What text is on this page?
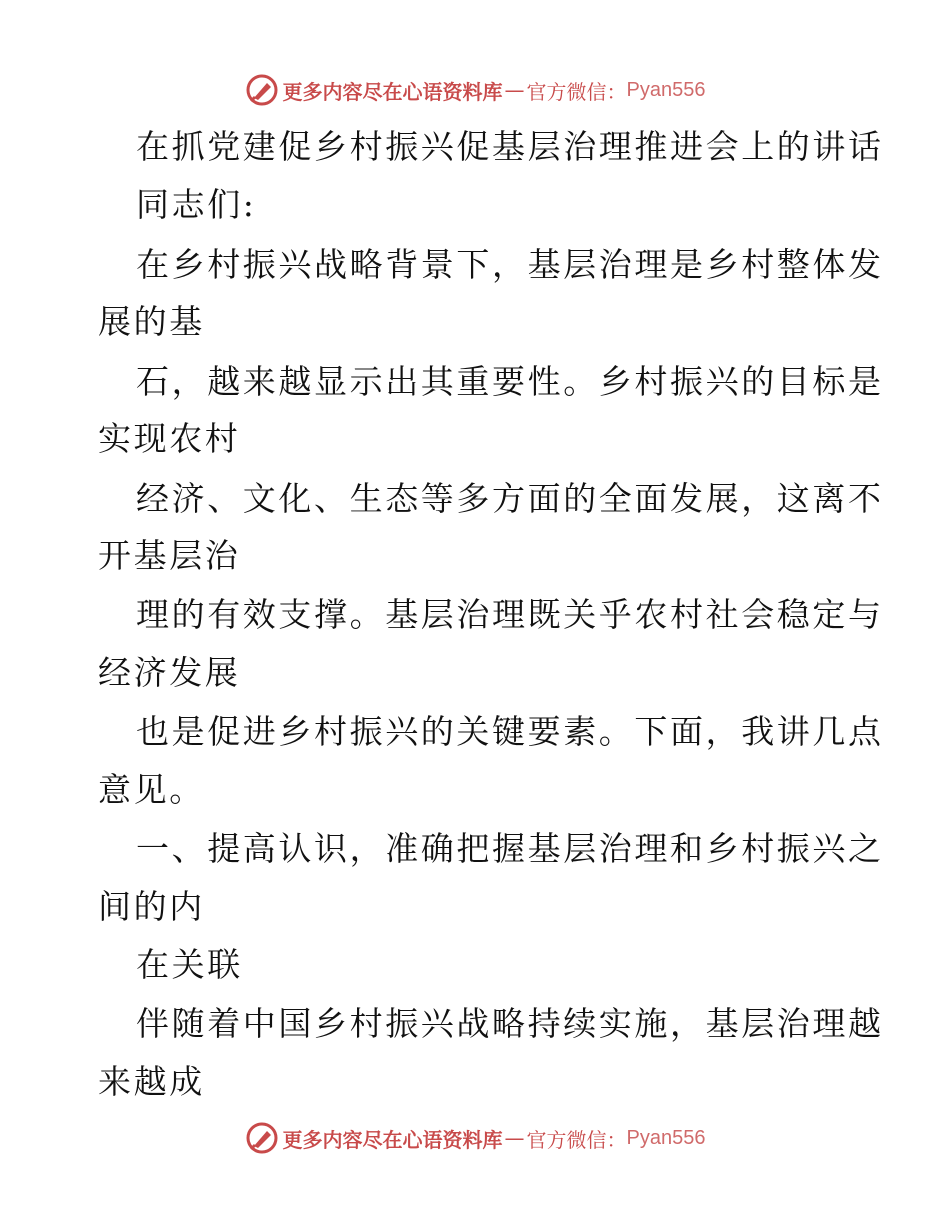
更多内容尽在心语资料库 — 官方微信： Pyan556
在抓党建促乡村振兴促基层治理推进会上的讲话
同志们:
在乡村振兴战略背景下，基层治理是乡村整体发
展的基
石，越来越显示出其重要性。乡村振兴的目标是
实现农村
经济、文化、生态等多方面的全面发展，这离不
开基层治
理的有效支撑。基层治理既关乎农村社会稳定与
经济发展
也是促进乡村振兴的关键要素。下面，我讲几点
意见。
一、提高认识，准确把握基层治理和乡村振兴之
间的内
在关联
伴随着中国乡村振兴战略持续实施，基层治理越
来越成
更多内容尽在心语资料库 — 官方微信： Pyan556
